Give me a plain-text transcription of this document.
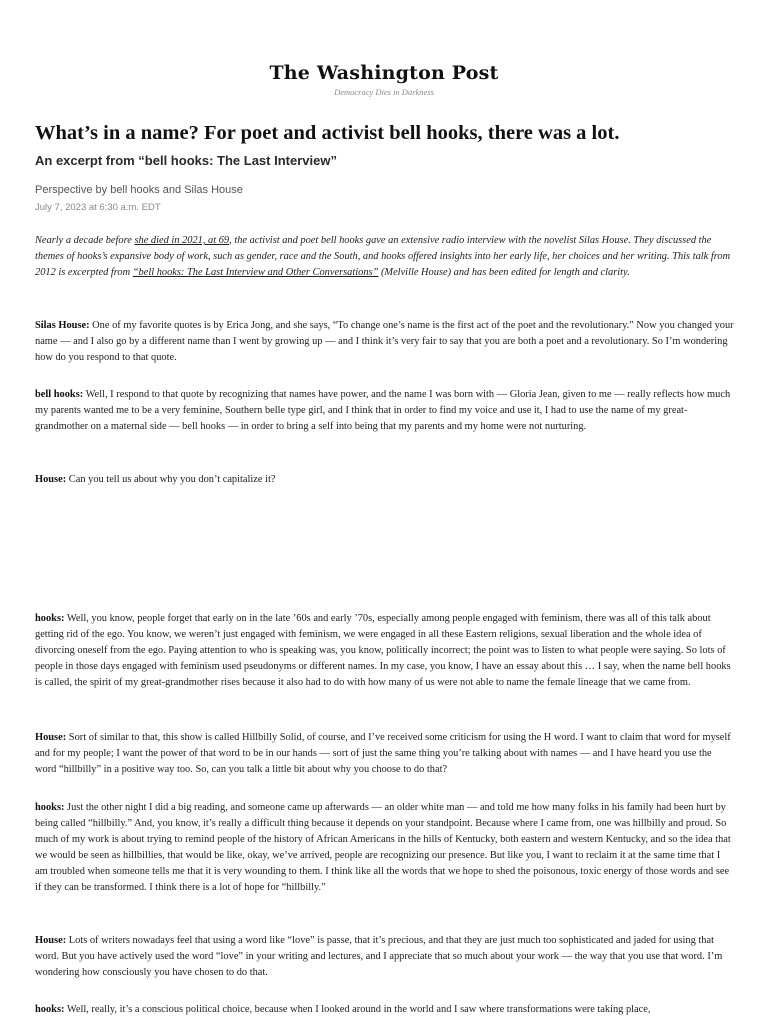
The Washington Post
Democracy Dies in Darkness
What’s in a name? For poet and activist bell hooks, there was a lot.
An excerpt from “bell hooks: The Last Interview”
Perspective by bell hooks and Silas House
July 7, 2023 at 6:30 a.m. EDT

Nearly a decade before she died in 2021, at 69, the activist and poet bell hooks gave an extensive radio interview with the novelist Silas House. They discussed the themes of hooks’s expansive body of work, such as gender, race and the South, and hooks offered insights into her early life, her choices and her writing. This talk from 2012 is excerpted from “bell hooks: The Last Interview and Other Conversations” (Melville House) and has been edited for length and clarity.

Silas House: One of my favorite quotes is by Erica Jong, and she says, “To change one’s name is the first act of the poet and the revolutionary.” Now you changed your name — and I also go by a different name than I went by growing up — and I think it’s very fair to say that you are both a poet and a revolutionary. So I’m wondering how do you respond to that quote.

bell hooks: Well, I respond to that quote by recognizing that names have power, and the name I was born with — Gloria Jean, given to me — really reflects how much my parents wanted me to be a very feminine, Southern belle type girl, and I think that in order to find my voice and use it, I had to use the name of my great-grandmother on a maternal side — bell hooks — in order to bring a self into being that my parents and my home were not nurturing.

House: Can you tell us about why you don’t capitalize it?

hooks: Well, you know, people forget that early on in the late ’60s and early ’70s, especially among people engaged with feminism, there was all of this talk about getting rid of the ego. You know, we weren’t just engaged with feminism, we were engaged in all these Eastern religions, sexual liberation and the whole idea of divorcing oneself from the ego. Paying attention to who is speaking was, you know, politically incorrect; the point was to listen to what people were saying. So lots of people in those days engaged with feminism used pseudonyms or different names. In my case, you know, I have an essay about this … I say, when the name bell hooks is called, the spirit of my great-grandmother rises because it also had to do with how many of us were not able to name the female lineage that we came from.

House: Sort of similar to that, this show is called Hillbilly Solid, of course, and I’ve received some criticism for using the H word. I want to claim that word for myself and for my people; I want the power of that word to be in our hands — sort of just the same thing you’re talking about with names — and I have heard you use the word “hillbilly” in a positive way too. So, can you talk a little bit about why you choose to do that?

hooks: Just the other night I did a big reading, and someone came up afterwards — an older white man — and told me how many folks in his family had been hurt by being called “hillbilly.” And, you know, it’s really a difficult thing because it depends on your standpoint. Because where I came from, one was hillbilly and proud. So much of my work is about trying to remind people of the history of African Americans in the hills of Kentucky, both eastern and western Kentucky, and so the idea that we would be seen as hillbillies, that would be like, okay, we’ve arrived, people are recognizing our presence. But like you, I want to reclaim it at the same time that I am troubled when someone tells me that it is very wounding to them. I think like all the words that we hope to shed the poisonous, toxic energy of those words and see if they can be transformed. I think there is a lot of hope for “hillbilly.”

House: Lots of writers nowadays feel that using a word like “love” is passe, that it’s precious, and that they are just much too sophisticated and jaded for using that word. But you have actively used the word “love” in your writing and lectures, and I appreciate that so much about your work — the way that you use that word. I’m wondering how consciously you have chosen to do that.

hooks: Well, really, it’s a conscious political choice, because when I looked around in the world and I saw where transformations were taking place,
